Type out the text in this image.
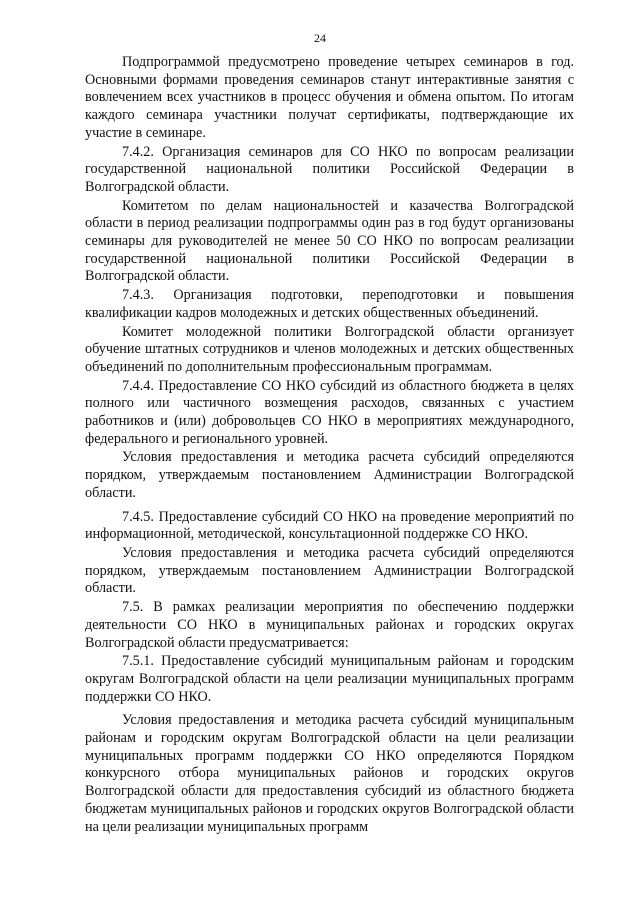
24

Подпрограммой предусмотрено проведение четырех семинаров в год. Основными формами проведения семинаров станут интерактивные занятия с вовлечением всех участников в процесс обучения и обмена опытом. По итогам каждого семинара участники получат сертификаты, подтверждающие их участие в семинаре.

7.4.2. Организация семинаров для СО НКО по вопросам реализации государственной национальной политики Российской Федерации в Волгоградской области.

Комитетом по делам национальностей и казачества Волгоградской области в период реализации подпрограммы один раз в год будут организованы семинары для руководителей не менее 50 СО НКО по вопросам реализации государственной национальной политики Российской Федерации в Волгоградской области.

7.4.3. Организация подготовки, переподготовки и повышения квалификации кадров молодежных и детских общественных объединений.

Комитет молодежной политики Волгоградской области организует обучение штатных сотрудников и членов молодежных и детских общественных объединений по дополнительным профессиональным программам.

7.4.4. Предоставление СО НКО субсидий из областного бюджета в целях полного или частичного возмещения расходов, связанных с участием работников и (или) добровольцев СО НКО в мероприятиях международного, федерального и регионального уровней.

Условия предоставления и методика расчета субсидий определяются порядком, утверждаемым постановлением Администрации Волгоградской области.

7.4.5. Предоставление субсидий СО НКО на проведение мероприятий по информационной, методической, консультационной поддержке СО НКО.

Условия предоставления и методика расчета субсидий определяются порядком, утверждаемым постановлением Администрации Волгоградской области.

7.5. В рамках реализации мероприятия по обеспечению поддержки деятельности СО НКО в муниципальных районах и городских округах Волгоградской области предусматривается:

7.5.1. Предоставление субсидий муниципальным районам и городским округам Волгоградской области на цели реализации муниципальных программ поддержки СО НКО.

Условия предоставления и методика расчета субсидий муниципальным районам и городским округам Волгоградской области на цели реализации муниципальных программ поддержки СО НКО определяются Порядком конкурсного отбора муниципальных районов и городских округов Волгоградской области для предоставления субсидий из областного бюджета бюджетам муниципальных районов и городских округов Волгоградской области на цели реализации муниципальных программ
